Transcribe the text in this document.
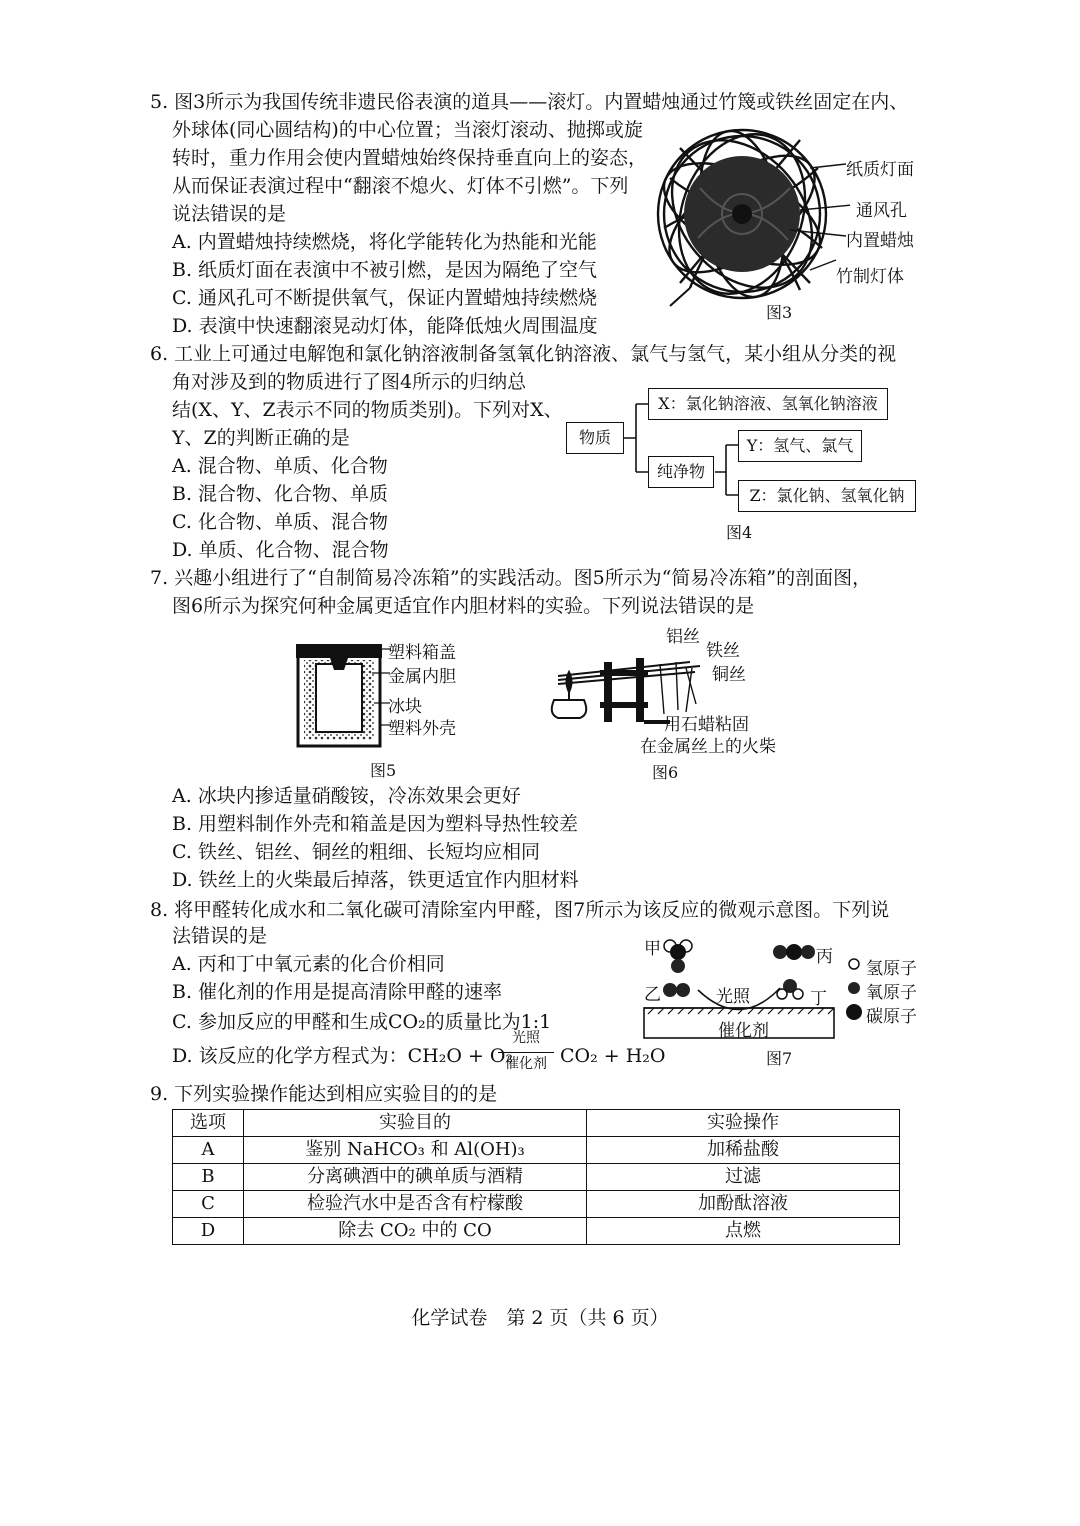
5. 图3所示为我国传统非遗民俗表演的道具——滚灯。内置蜡烛通过竹篾或铁丝固定在内、
外球体(同心圆结构)的中心位置；当滚灯滚动、抛掷或旋
转时，重力作用会使内置蜡烛始终保持垂直向上的姿态，
从而保证表演过程中“翻滚不熄火、灯体不引燃”。下列
说法错误的是
A. 内置蜡烛持续燃烧，将化学能转化为热能和光能
B. 纸质灯面在表演中不被引燃，是因为隔绝了空气
C. 通风孔可不断提供氧气，保证内置蜡烛持续燃烧
D. 表演中快速翻滚晃动灯体，能降低烛火周围温度
纸质灯面
通风孔
内置蜡烛
竹制灯体
图3
6. 工业上可通过电解饱和氯化钠溶液制备氢氧化钠溶液、氯气与氢气，某小组从分类的视
角对涉及到的物质进行了图4所示的归纳总
结(X、Y、Z表示不同的物质类别)。下列对X、
Y、Z的判断正确的是
A. 混合物、单质、化合物
B. 混合物、化合物、单质
C. 化合物、单质、混合物
D. 单质、化合物、混合物
物质
X：氯化钠溶液、氢氧化钠溶液
纯净物
Y：氢气、氯气
Z：氯化钠、氢氧化钠
图4
7. 兴趣小组进行了“自制简易冷冻箱”的实践活动。图5所示为“简易冷冻箱”的剖面图，
图6所示为探究何种金属更适宜作内胆材料的实验。下列说法错误的是
塑料箱盖
金属内胆
冰块
塑料外壳
图5
铝丝
铁丝
铜丝
用石蜡粘固
在金属丝上的火柴
图6
A. 冰块内掺适量硝酸铵，冷冻效果会更好
B. 用塑料制作外壳和箱盖是因为塑料导热性较差
C. 铁丝、铝丝、铜丝的粗细、长短均应相同
D. 铁丝上的火柴最后掉落，铁更适宜作内胆材料
8. 将甲醛转化成水和二氧化碳可清除室内甲醛，图7所示为该反应的微观示意图。下列说
法错误的是
A. 丙和丁中氧元素的化合价相同
B. 催化剂的作用是提高清除甲醛的速率
C. 参加反应的甲醛和生成CO₂的质量比为1:1
D. 该反应的化学方程式为：CH₂O + O₂
光照
催化剂 CO₂ + H₂O
甲
乙
丙
丁
光照
催化剂
图7
氢原子
氧原子
碳原子
9. 下列实验操作能达到相应实验目的的是
选项	实验目的	实验操作
A	鉴别 NaHCO₃ 和 Al(OH)₃	加稀盐酸
B	分离碘酒中的碘单质与酒精	过滤
C	检验汽水中是否含有柠檬酸	加酚酞溶液
D	除去 CO₂ 中的 CO	点燃
化学试卷　第 2 页（共 6 页）
